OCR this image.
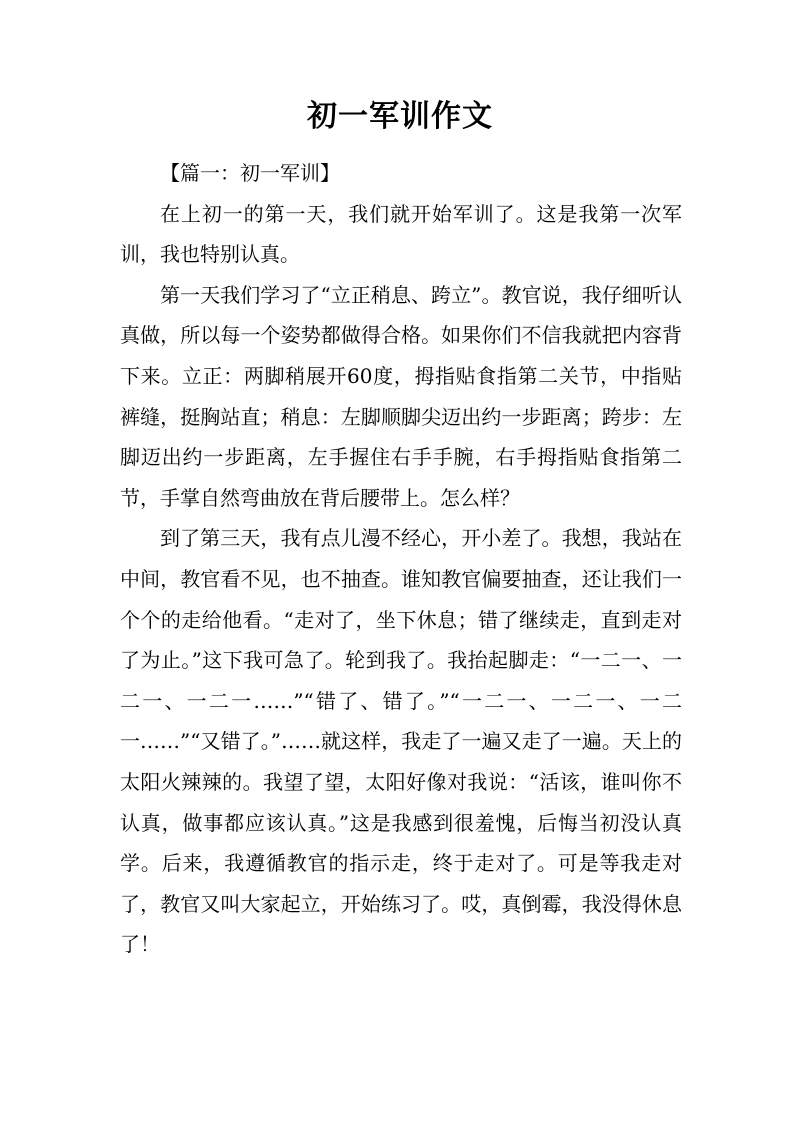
初一军训作文

【篇一：初一军训】

在上初一的第一天，我们就开始军训了。这是我第一次军训，我也特别认真。

第一天我们学习了“立正稍息、跨立”。教官说，我仔细听认真做，所以每一个姿势都做得合格。如果你们不信我就把内容背下来。立正：两脚稍展开60度，拇指贴食指第二关节，中指贴裤缝，挺胸站直；稍息：左脚顺脚尖迈出约一步距离；跨步：左脚迈出约一步距离，左手握住右手手腕，右手拇指贴食指第二节，手掌自然弯曲放在背后腰带上。怎么样？

到了第三天，我有点儿漫不经心，开小差了。我想，我站在中间，教官看不见，也不抽查。谁知教官偏要抽查，还让我们一个个的走给他看。“走对了，坐下休息；错了继续走，直到走对了为止。”这下我可急了。轮到我了。我抬起脚走：“一二一、一二一、一二一……”“错了、错了。”“一二一、一二一、一二一……”“又错了。”……就这样，我走了一遍又走了一遍。天上的太阳火辣辣的。我望了望，太阳好像对我说：“活该，谁叫你不认真，做事都应该认真。”这是我感到很羞愧，后悔当初没认真学。后来，我遵循教官的指示走，终于走对了。可是等我走对了，教官又叫大家起立，开始练习了。哎，真倒霉，我没得休息了！
